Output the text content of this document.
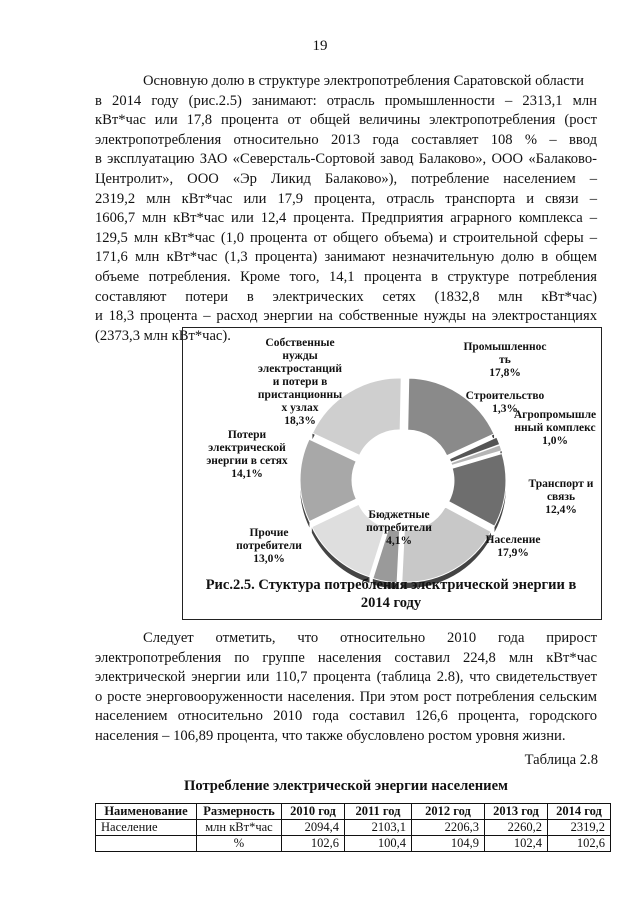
19
Основную долю в структуре электропотребления Саратовской области
в 2014 году (рис.2.5) занимают: отрасль промышленности – 2313,1 млн
кВт*час или 17,8 процента от общей величины электропотребления (рост
электропотребления относительно 2013 года составляет 108 % – ввод
в эксплуатацию ЗАО «Северсталь-Сортовой завод Балаково», ООО «Балаково-
Центролит», ООО «Эр Ликид Балаково»), потребление населением –
2319,2 млн кВт*час или 17,9 процента, отрасль транспорта и связи –
1606,7 млн кВт*час или 12,4 процента. Предприятия аграрного комплекса –
129,5 млн кВт*час (1,0 процента от общего объема) и строительной сферы –
171,6 млн кВт*час (1,3 процента) занимают незначительную долю в общем
объеме потребления. Кроме того, 14,1 процента в структуре потребления
составляют потери в электрических сетях (1832,8 млн кВт*час)
и 18,3 процента – расход энергии на собственные нужды на электростанциях
(2373,3 млн кВт*час).
Промышленнос ть 17,8%
Строительство 1,3%
Агропромышле нный комплекс 1,0%
Транспорт и связь 12,4%
Население 17,9%
Бюджетные потребители 4,1%
Прочие потребители 13,0%
Потери электрической энергии в сетях 14,1%
Собственные нужды электростанций и потери в пристанционны х узлах 18,3%
Рис.2.5. Стуктура потребления электрической энергии в
2014 году
Следует отметить, что относительно 2010 года прирост
электропотребления по группе населения составил 224,8 млн кВт*час
электрической энергии или 110,7 процента (таблица 2.8), что свидетельствует
о росте энерговооруженности населения. При этом рост потребления сельским
населением относительно 2010 года составил 126,6 процента, городского
населения – 106,89 процента, что также обусловлено ростом уровня жизни.
Таблица 2.8
Потребление электрической энергии населением
Наименование	Размерность	2010 год	2011 год	2012 год	2013 год	2014 год
Население	млн кВт*час	2094,4	2103,1	2206,3	2260,2	2319,2
	%	102,6	100,4	104,9	102,4	102,6
